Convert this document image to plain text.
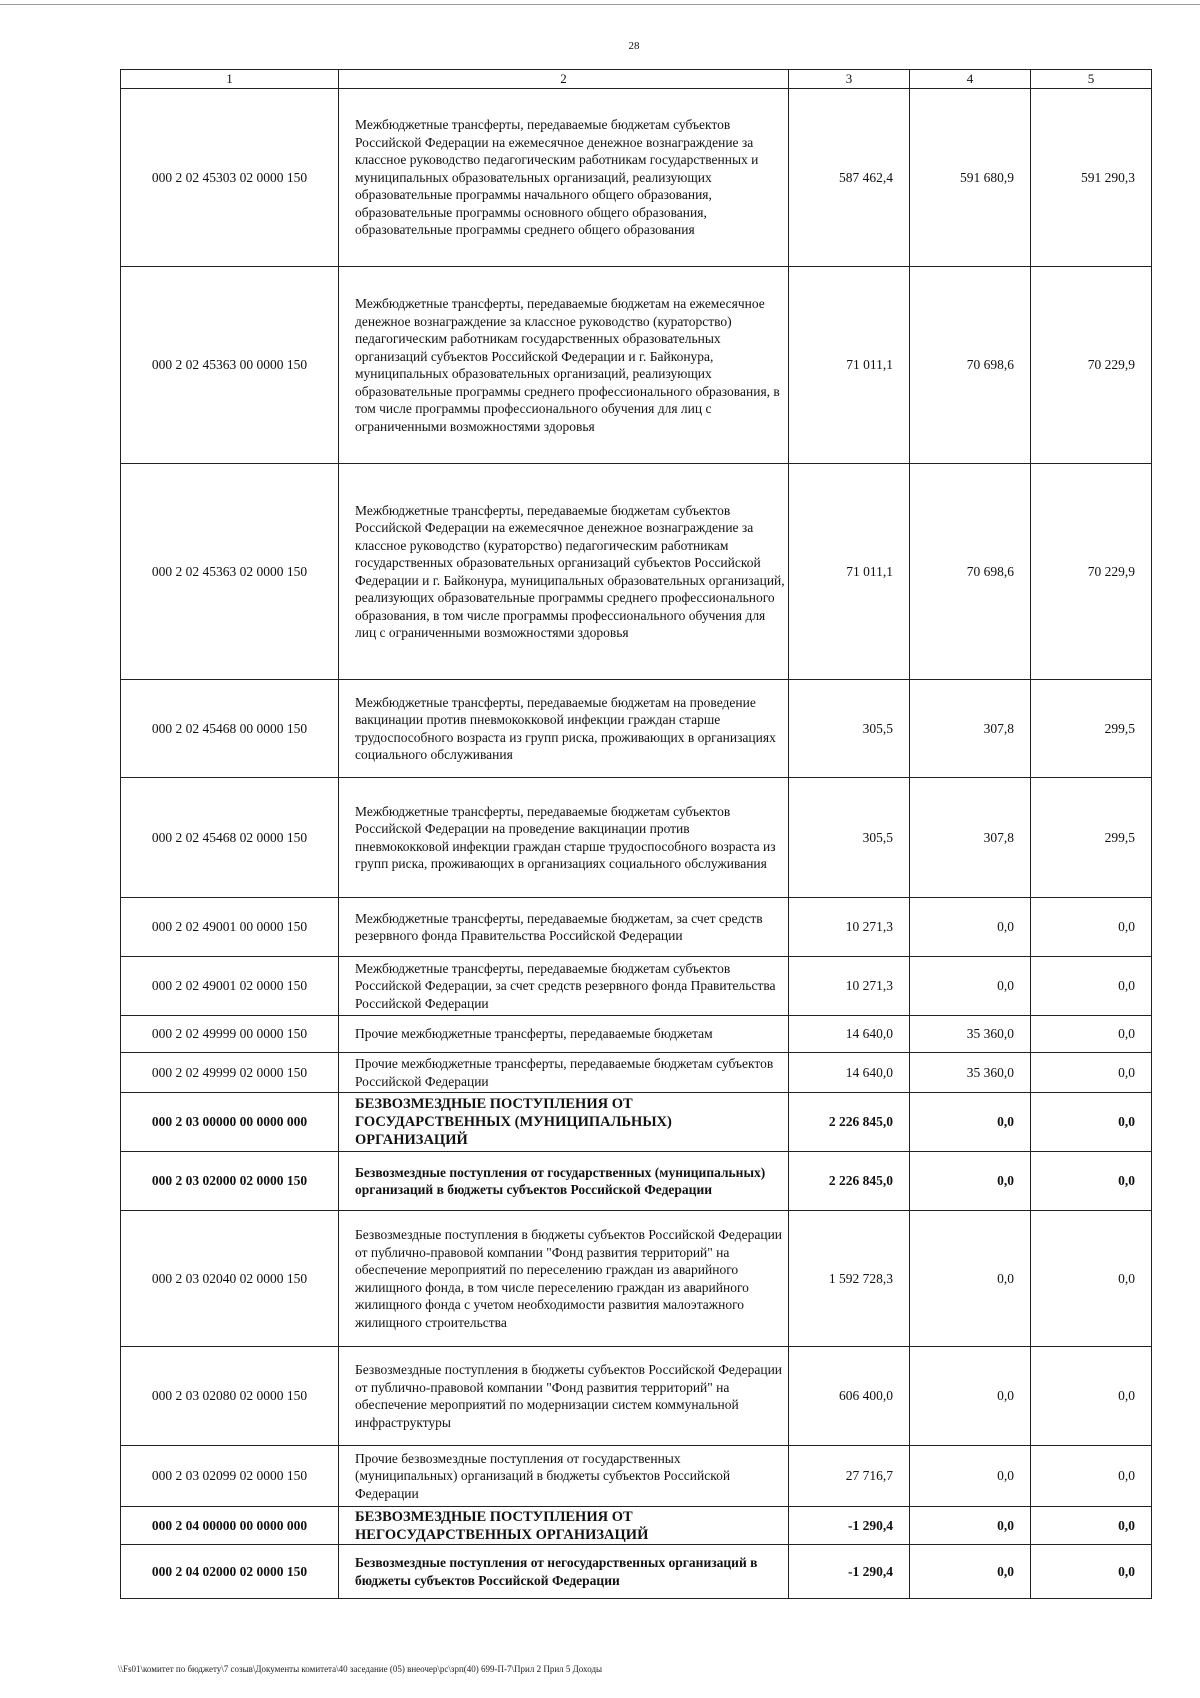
28
1	2	3	4	5
000 2 02 45303 02 0000 150	Межбюджетные трансферты, передаваемые бюджетам субъектов Российской Федерации на ежемесячное денежное вознаграждение за классное руководство педагогическим работникам государственных и муниципальных образовательных организаций, реализующих образовательные программы начального общего образования, образовательные программы основного общего образования, образовательные программы среднего общего образования	587 462,4	591 680,9	591 290,3
000 2 02 45363 00 0000 150	Межбюджетные трансферты, передаваемые бюджетам на ежемесячное денежное вознаграждение за классное руководство (кураторство) педагогическим работникам государственных образовательных организаций субъектов Российской Федерации и г. Байконура, муниципальных образовательных организаций, реализующих образовательные программы среднего профессионального образования, в том числе программы профессионального обучения для лиц с ограниченными возможностями здоровья	71 011,1	70 698,6	70 229,9
000 2 02 45363 02 0000 150	Межбюджетные трансферты, передаваемые бюджетам субъектов Российской Федерации на ежемесячное денежное вознаграждение за классное руководство (кураторство) педагогическим работникам государственных образовательных организаций субъектов Российской Федерации и г. Байконура, муниципальных образовательных организаций, реализующих образовательные программы среднего профессионального образования, в том числе программы профессионального обучения для лиц с ограниченными возможностями здоровья	71 011,1	70 698,6	70 229,9
000 2 02 45468 00 0000 150	Межбюджетные трансферты, передаваемые бюджетам на проведение вакцинации против пневмококковой инфекции граждан старше трудоспособного возраста из групп риска, проживающих в организациях социального обслуживания	305,5	307,8	299,5
000 2 02 45468 02 0000 150	Межбюджетные трансферты, передаваемые бюджетам субъектов Российской Федерации на проведение вакцинации против пневмококковой инфекции граждан старше трудоспособного возраста из групп риска, проживающих в организациях социального обслуживания	305,5	307,8	299,5
000 2 02 49001 00 0000 150	Межбюджетные трансферты, передаваемые бюджетам, за счет средств резервного фонда Правительства Российской Федерации	10 271,3	0,0	0,0
000 2 02 49001 02 0000 150	Межбюджетные трансферты, передаваемые бюджетам субъектов Российской Федерации, за счет средств резервного фонда Правительства Российской Федерации	10 271,3	0,0	0,0
000 2 02 49999 00 0000 150	Прочие межбюджетные трансферты, передаваемые бюджетам	14 640,0	35 360,0	0,0
000 2 02 49999 02 0000 150	Прочие межбюджетные трансферты, передаваемые бюджетам субъектов Российской Федерации	14 640,0	35 360,0	0,0
000 2 03 00000 00 0000 000	БЕЗВОЗМЕЗДНЫЕ ПОСТУПЛЕНИЯ ОТ ГОСУДАРСТВЕННЫХ (МУНИЦИПАЛЬНЫХ) ОРГАНИЗАЦИЙ	2 226 845,0	0,0	0,0
000 2 03 02000 02 0000 150	Безвозмездные поступления от государственных (муниципальных) организаций в бюджеты субъектов Российской Федерации	2 226 845,0	0,0	0,0
000 2 03 02040 02 0000 150	Безвозмездные поступления в бюджеты субъектов Российской Федерации от публично-правовой компании "Фонд развития территорий" на обеспечение мероприятий по переселению граждан из аварийного жилищного фонда, в том числе переселению граждан из аварийного жилищного фонда с учетом необходимости развития малоэтажного жилищного строительства	1 592 728,3	0,0	0,0
000 2 03 02080 02 0000 150	Безвозмездные поступления в бюджеты субъектов Российской Федерации от публично-правовой компании "Фонд развития территорий" на обеспечение мероприятий по модернизации систем коммунальной инфраструктуры	606 400,0	0,0	0,0
000 2 03 02099 02 0000 150	Прочие безвозмездные поступления от государственных (муниципальных) организаций в бюджеты субъектов Российской Федерации	27 716,7	0,0	0,0
000 2 04 00000 00 0000 000	БЕЗВОЗМЕЗДНЫЕ ПОСТУПЛЕНИЯ ОТ НЕГОСУДАРСТВЕННЫХ ОРГАНИЗАЦИЙ	-1 290,4	0,0	0,0
000 2 04 02000 02 0000 150	Безвозмездные поступления от негосударственных организаций в бюджеты субъектов Российской Федерации	-1 290,4	0,0	0,0
\\Fs01\комитет по бюджету\7 созыв\Документы комитета\40 заседание (05) внеочер\рс\зрп(40) 699-П-7\Прил 2 Прил 5 Доходы
